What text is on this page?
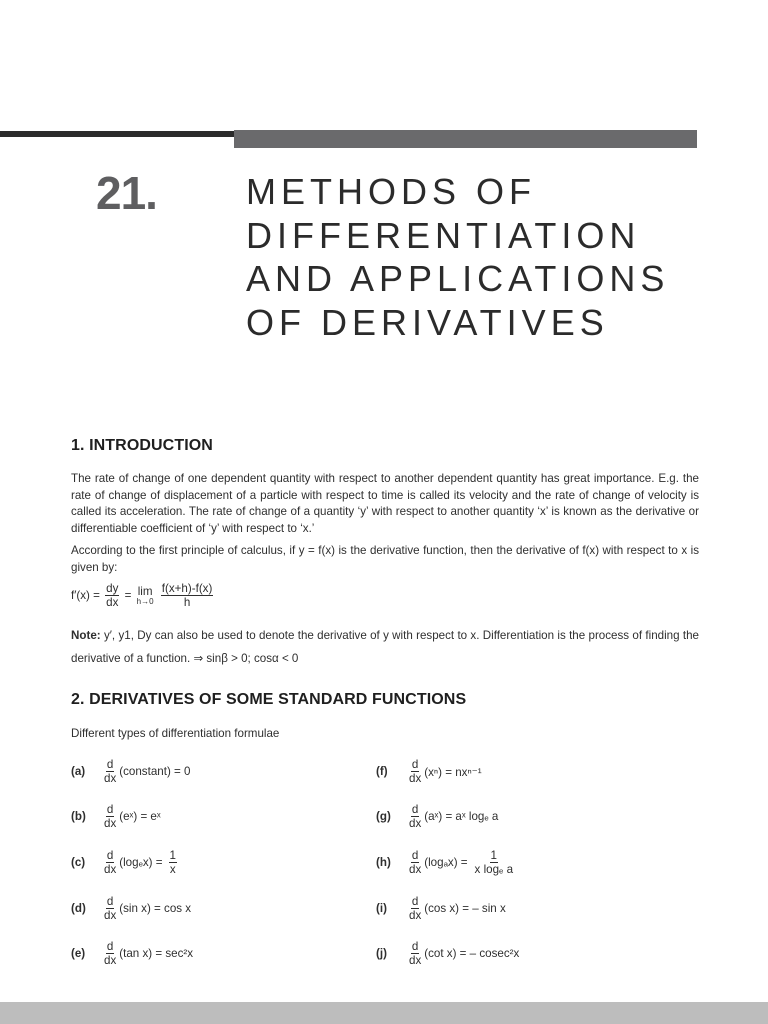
21. METHODS OF
DIFFERENTIATION
AND APPLICATIONS
OF DERIVATIVES
1. INTRODUCTION

The rate of change of one dependent quantity with respect to another dependent quantity has great importance. E.g. the rate of change of displacement of a particle with respect to time is called its velocity and the rate of change of velocity is called its acceleration. The rate of change of a quantity ‘y’ with respect to another quantity ‘x’ is known as the derivative or differentiable coefficient of ‘y’ with respect to ‘x.’

According to the first principle of calculus, if y = f(x) is the derivative function, then the derivative of f(x) with respect to x is given by:

$f'(x) = \frac{dy}{dx} = \lim$
h→0
$\frac{f(x+h)-f(x)}{h}$
Note: y′, y1, Dy can also be used to denote the derivative of y with respect to x. Differentiation is the process of finding the derivative of a function. ⇒ sinβ > 0; cosα < 0
2. DERIVATIVES OF SOME STANDARD FUNCTIONS
Different types of differentiation formulae
(a)	$\frac{d}{dx}$ (constant) = 0
(b)	$\frac{d}{dx}$ (eˣ) = eˣ
(c)	$\frac{d}{dx} (\log_ex) = \frac{1}{x}$
(d)	$\frac{d}{dx} (\sin$ x) = cos x
(e)	$\frac{d}{dx} (\tan$ x) = sec²x
(f)	$\frac{d}{dx} (x^n) = nx^{n-1}$
(g)	$\frac{d}{dx}$ (aˣ) = aˣ logₑ a
(h)	$\frac{d}{dx} (\log_ax) = \frac{1}{\text{x logₑ a}}$
(i)	$\frac{d}{dx} (\cos$ x) = – sin x
(j)	$\frac{d}{dx} (\cot$ x) = – cosec²x
